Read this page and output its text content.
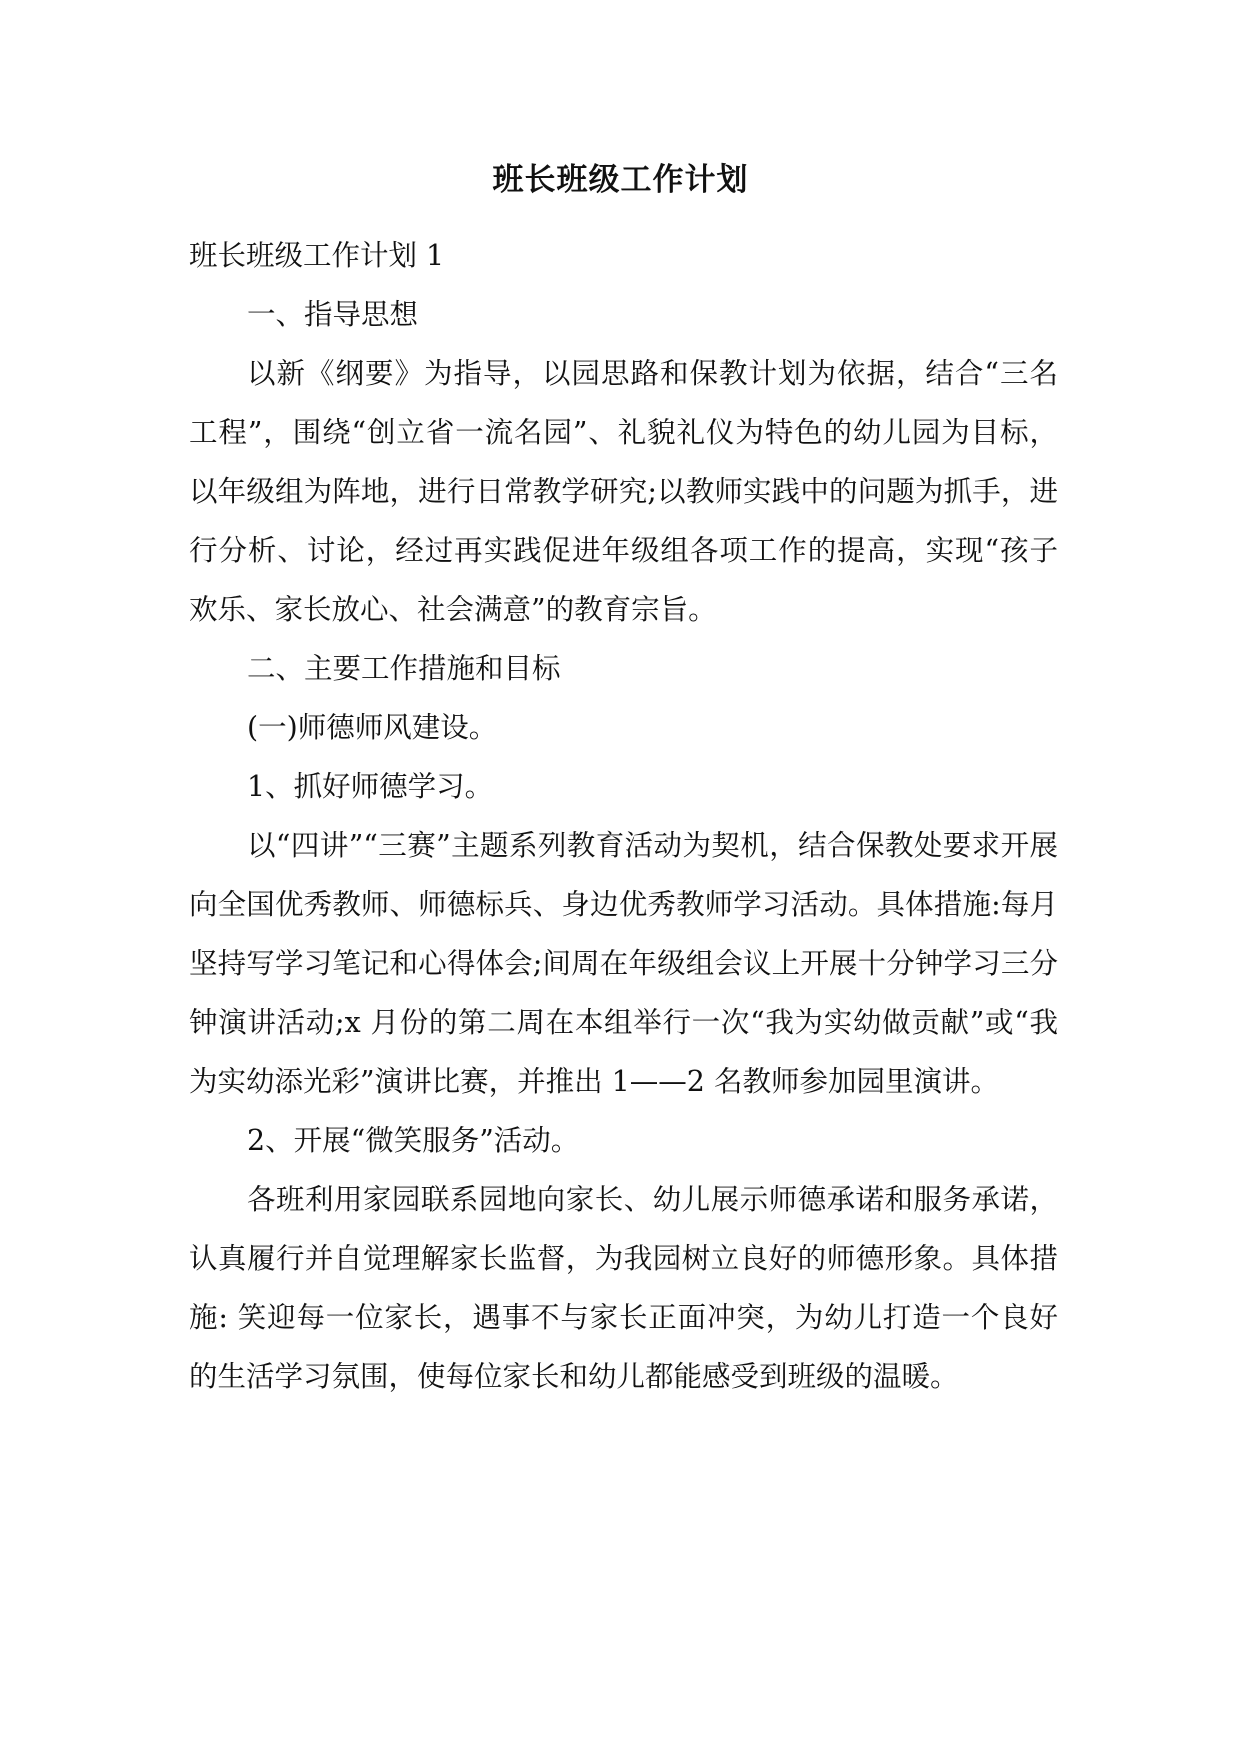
班长班级工作计划

班长班级工作计划 1

一、指导思想

以新《纲要》为指导，以园思路和保教计划为依据，结合“三名工程”，围绕“创立省一流名园”、礼貌礼仪为特色的幼儿园为目标，以年级组为阵地，进行日常教学研究;以教师实践中的问题为抓手，进行分析、讨论，经过再实践促进年级组各项工作的提高，实现“孩子欢乐、家长放心、社会满意”的教育宗旨。

二、主要工作措施和目标

(一)师德师风建设。

1、抓好师德学习。

以“四讲”“三赛”主题系列教育活动为契机，结合保教处要求开展向全国优秀教师、师德标兵、身边优秀教师学习活动。具体措施:每月坚持写学习笔记和心得体会;间周在年级组会议上开展十分钟学习三分钟演讲活动;x 月份的第二周在本组举行一次“我为实幼做贡献”或“我为实幼添光彩”演讲比赛，并推出 1——2 名教师参加园里演讲。

2、开展“微笑服务”活动。

各班利用家园联系园地向家长、幼儿展示师德承诺和服务承诺，认真履行并自觉理解家长监督，为我园树立良好的师德形象。具体措施: 笑迎每一位家长，遇事不与家长正面冲突，为幼儿打造一个良好的生活学习氛围，使每位家长和幼儿都能感受到班级的温暖。
